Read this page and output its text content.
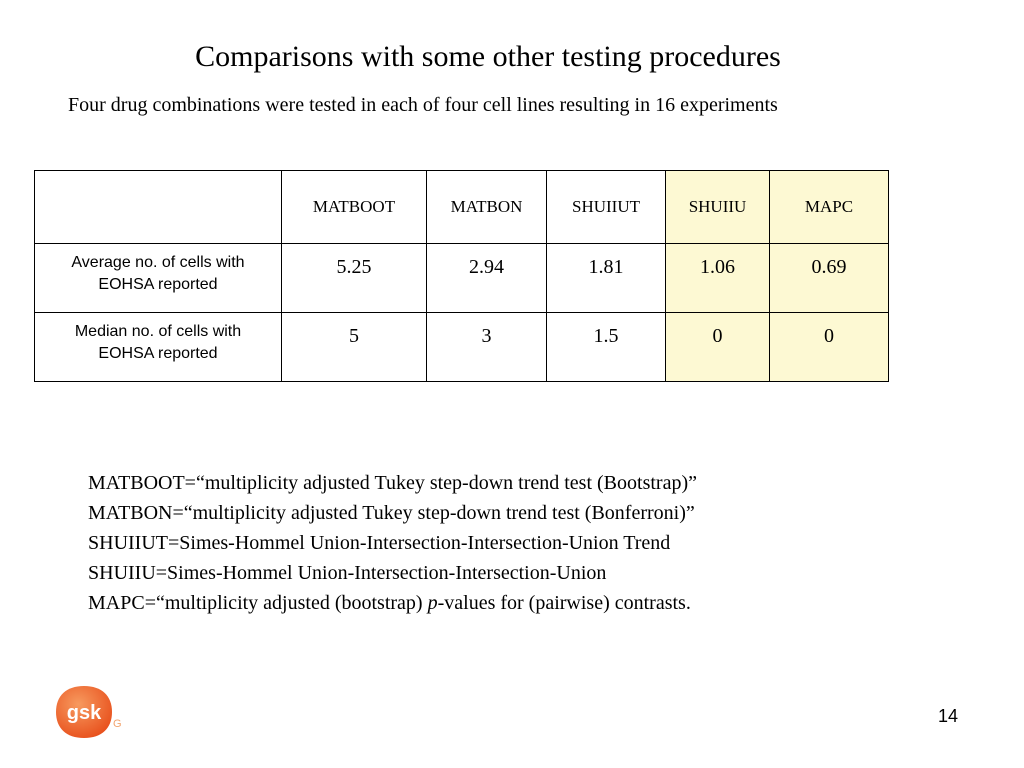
Comparisons with some other testing procedures
Four drug combinations were tested in each of four cell lines resulting in 16 experiments
	MATBOOT	MATBON	SHUIIUT	SHUIIU	MAPC

Average no. of cells with
EOHSA reported	5.25	2.94	1.81	1.06	0.69

Median no. of cells with
EOHSA reported	5	3	1.5	0	0
MATBOOT=“multiplicity adjusted Tukey step-down trend test (Bootstrap)”
MATBON=“multiplicity adjusted Tukey step-down trend test (Bonferroni)”
SHUIIUT=Simes-Hommel Union-Intersection-Intersection-Union Trend
SHUIIU=Simes-Hommel Union-Intersection-Intersection-Union
MAPC=“multiplicity adjusted (bootstrap) p-values for (pairwise) contrasts.
gsk G	14
